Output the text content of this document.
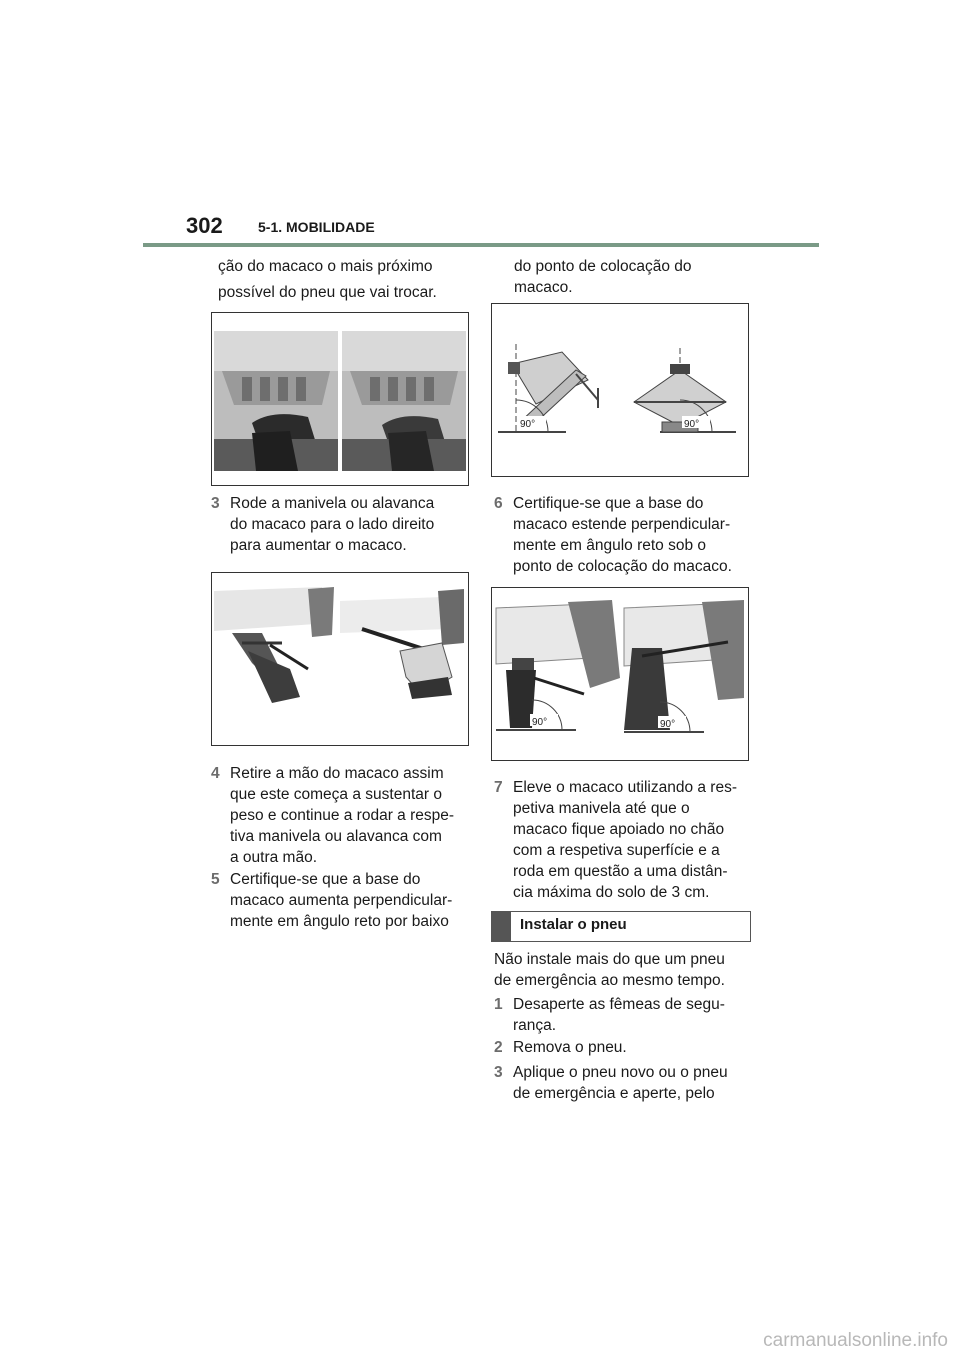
302	5-1. MOBILIDADE
ção do macaco o mais próximo
possível do pneu que vai trocar.
3 Rode a manivela ou alavanca
do macaco para o lado direito
para aumentar o macaco.
4 Retire a mão do macaco assim
que este começa a sustentar o
peso e continue a rodar a respe-
tiva manivela ou alavanca com
a outra mão.
5 Certifique-se que a base do
macaco aumenta perpendicular-
mente em ângulo reto por baixo
do ponto de colocação do
macaco.
90°	90°
6 Certifique-se que a base do
macaco estende perpendicular-
mente em ângulo reto sob o
ponto de colocação do macaco.
90°	90°
7 Eleve o macaco utilizando a res-
petiva manivela até que o
macaco fique apoiado no chão
com a respetiva superfície e a
roda em questão a uma distân-
cia máxima do solo de 3 cm.
Instalar o pneu
Não instale mais do que um pneu
de emergência ao mesmo tempo.
1 Desaperte as fêmeas de segu-
rança.
2 Remova o pneu.
3 Aplique o pneu novo ou o pneu
de emergência e aperte, pelo
carmanualsonline.info
